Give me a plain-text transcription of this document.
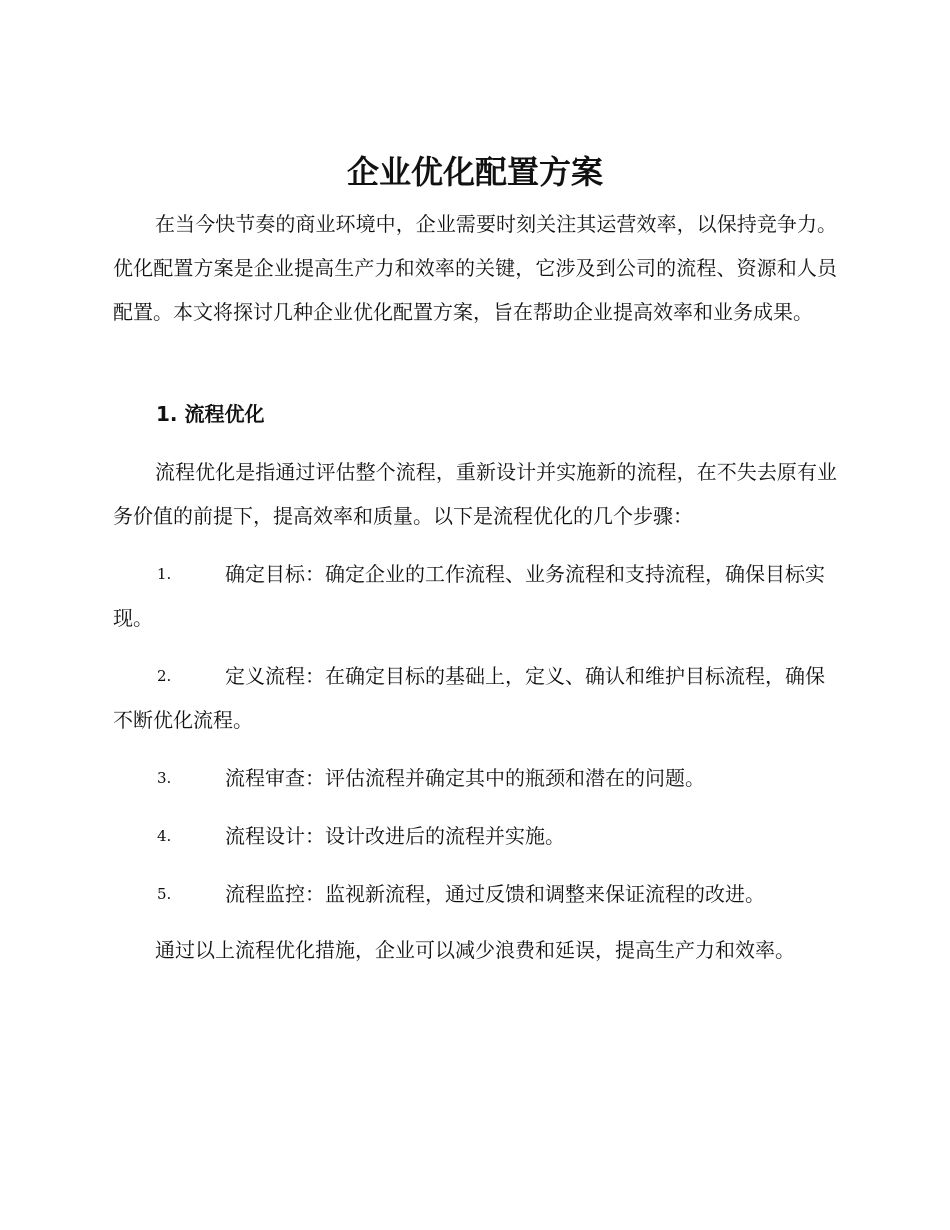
企业优化配置方案

在当今快节奏的商业环境中，企业需要时刻关注其运营效率，以保持竞争力。优化配置方案是企业提高生产力和效率的关键，它涉及到公司的流程、资源和人员配置。本文将探讨几种企业优化配置方案，旨在帮助企业提高效率和业务成果。

1. 流程优化

流程优化是指通过评估整个流程，重新设计并实施新的流程，在不失去原有业务价值的前提下，提高效率和质量。以下是流程优化的几个步骤：

1.	确定目标：确定企业的工作流程、业务流程和支持流程，确保目标实现。
2.	定义流程：在确定目标的基础上，定义、确认和维护目标流程，确保不断优化流程。
3.	流程审查：评估流程并确定其中的瓶颈和潜在的问题。
4.	流程设计：设计改进后的流程并实施。
5.	流程监控：监视新流程，通过反馈和调整来保证流程的改进。

通过以上流程优化措施，企业可以减少浪费和延误，提高生产力和效率。
